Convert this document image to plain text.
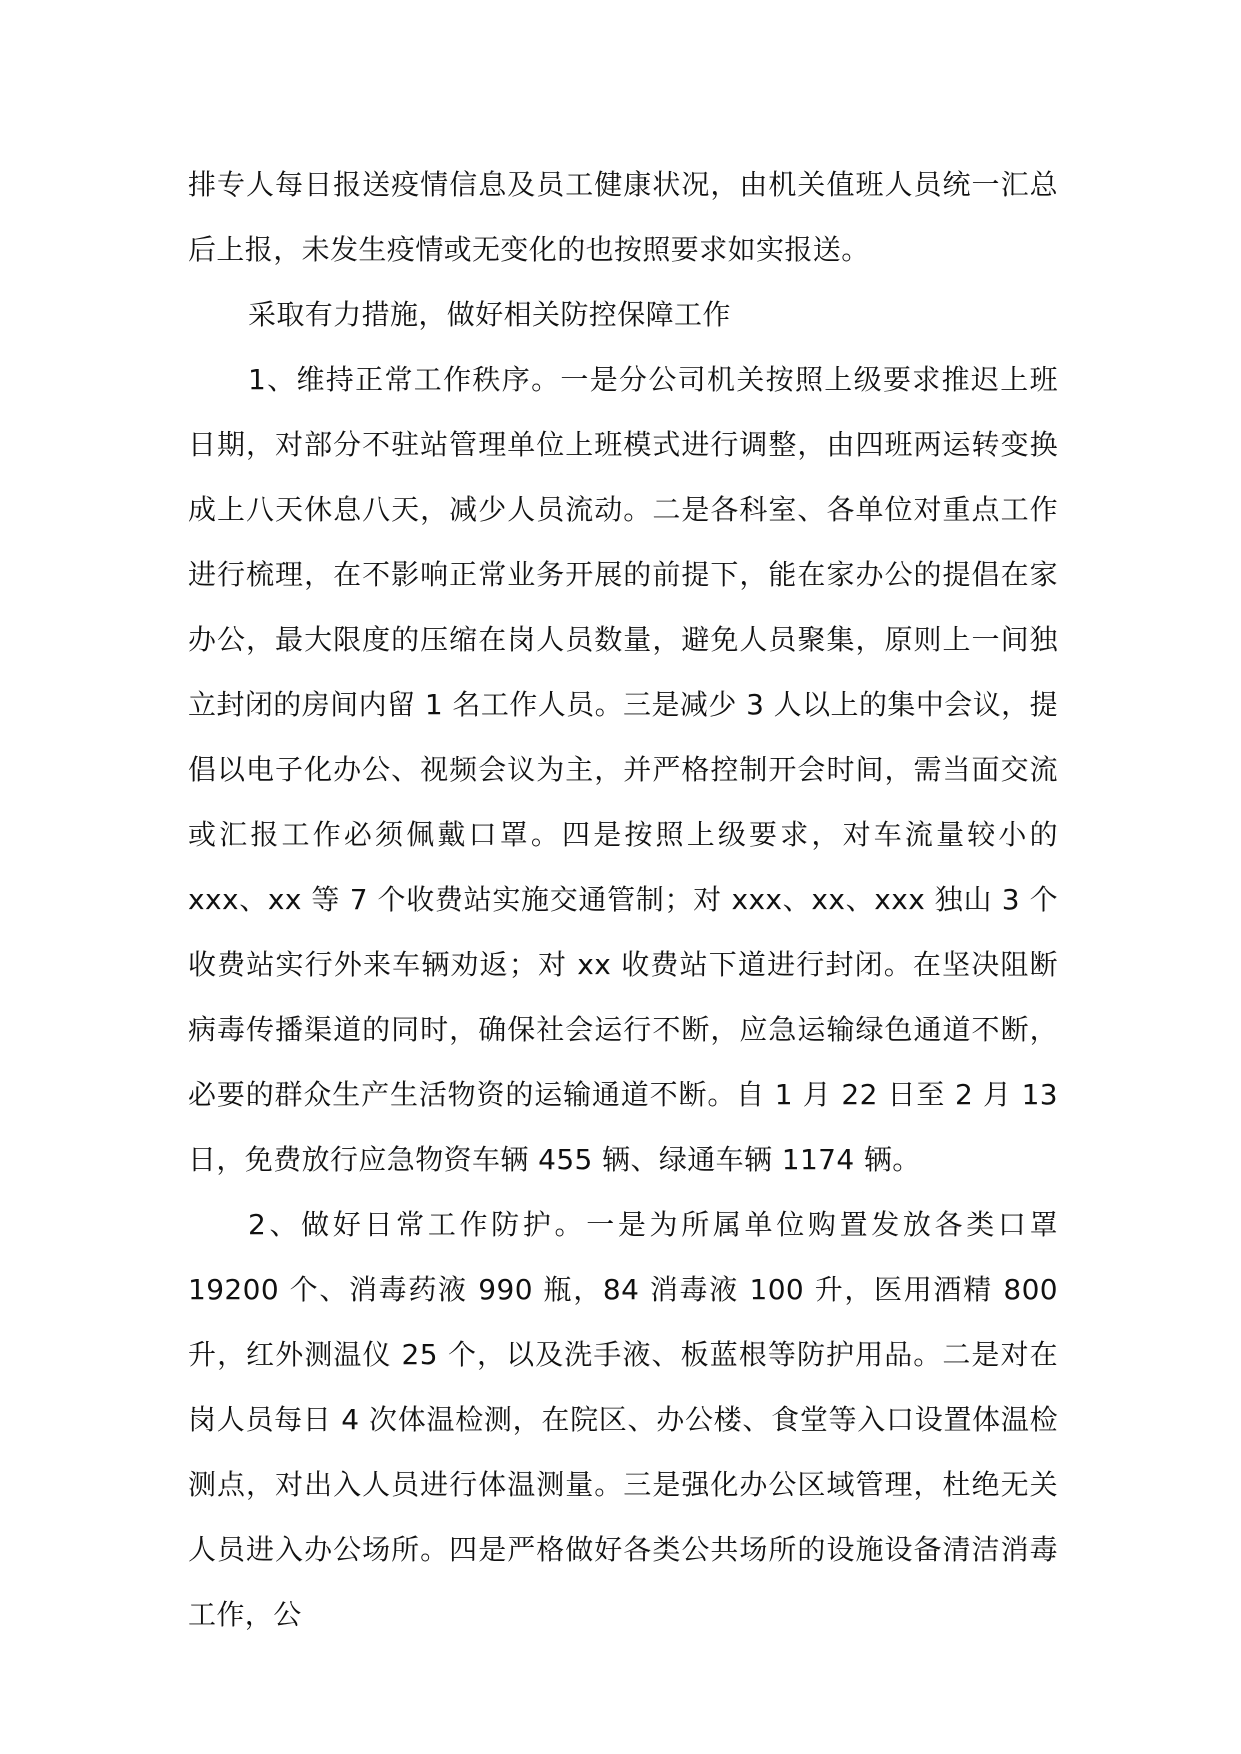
排专人每日报送疫情信息及员工健康状况，由机关值班人员统一汇总后上报，未发生疫情或无变化的也按照要求如实报送。

采取有力措施，做好相关防控保障工作

1、维持正常工作秩序。一是分公司机关按照上级要求推迟上班日期，对部分不驻站管理单位上班模式进行调整，由四班两运转变换成上八天休息八天，减少人员流动。二是各科室、各单位对重点工作进行梳理，在不影响正常业务开展的前提下，能在家办公的提倡在家办公，最大限度的压缩在岗人员数量，避免人员聚集，原则上一间独立封闭的房间内留 1 名工作人员。三是减少 3 人以上的集中会议，提倡以电子化办公、视频会议为主，并严格控制开会时间，需当面交流或汇报工作必须佩戴口罩。四是按照上级要求，对车流量较小的 xxx、xx 等 7 个收费站实施交通管制；对 xxx、xx、xxx 独山 3 个收费站实行外来车辆劝返；对 xx 收费站下道进行封闭。在坚决阻断病毒传播渠道的同时，确保社会运行不断，应急运输绿色通道不断，必要的群众生产生活物资的运输通道不断。自 1 月 22 日至 2 月 13 日，免费放行应急物资车辆 455 辆、绿通车辆 1174 辆。

2、做好日常工作防护。一是为所属单位购置发放各类口罩 19200 个、消毒药液 990 瓶，84 消毒液 100 升，医用酒精 800 升，红外测温仪 25 个，以及洗手液、板蓝根等防护用品。二是对在岗人员每日 4 次体温检测，在院区、办公楼、食堂等入口设置体温检测点，对出入人员进行体温测量。三是强化办公区域管理，杜绝无关人员进入办公场所。四是严格做好各类公共场所的设施设备清洁消毒工作，公
